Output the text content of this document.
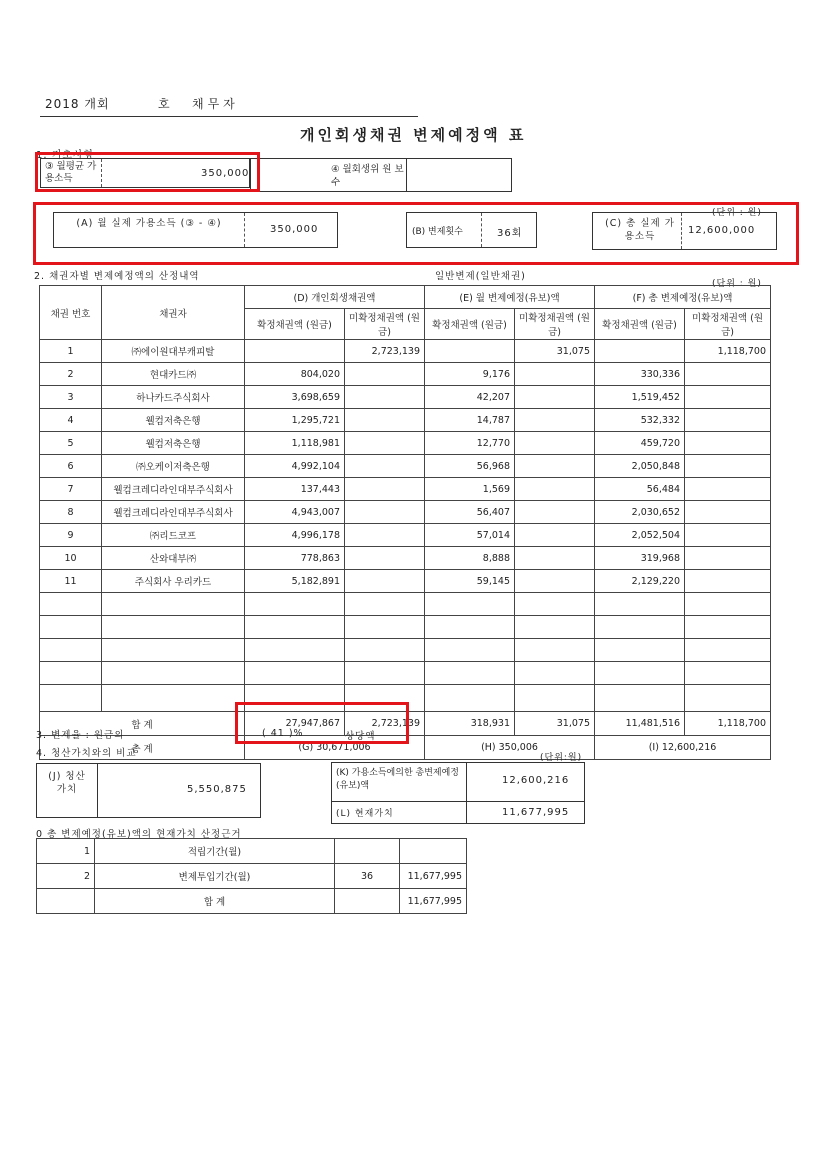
2018 개회	호 채무자
개인회생채권 변제예정액 표
1. 기초사항
③ 월평균 가용소득	350,000	④ 월회생위 원 보수
(단위 : 원)
(A) 월 실제 가용소득 (③ - ④)
350,000	(B) 변제횟수	36회
(C) 총 실제 가용소득
12,600,000
2. 채권자별 변제예정액의 산정내역	일반변제(일반채권)
(단위 : 원)
채권 번호	채권자	(D) 개인회생채권액		(E) 월 변제예정(유보)액		(F) 총 변제예정(유보)액	
		확정채권액 (원금)	미확정채권액 (원금)	확정채권액 (원금)	미확정채권액 (원금)	확정채권액 (원금)	미확정채권액 (원금)
1	㈜에이원대부캐피탈		2,723,139		31,075		1,118,700
2	현대카드㈜	804,020		9,176		330,336	
3	하나카드주식회사	3,698,659		42,207		1,519,452	
4	웰컴저축은행	1,295,721		14,787		532,332	
5	웰컴저축은행	1,118,981		12,770		459,720	
6	㈜오케이저축은행	4,992,104		56,968		2,050,848	
7	웰컴크레디라인대부주식회사	137,443		1,569		56,484	
8	웰컴크레디라인대부주식회사	4,943,007		56,407		2,030,652	
9	㈜리드코프	4,996,178		57,014		2,052,504	
10	산와대부㈜	778,863		8,888		319,968	
11	주식회사 우리카드	5,182,891		59,145		2,129,220	

합 계		27,947,867	2,723,139	318,931	31,075	11,481,516	1,118,700
총 계		(G) 30,671,006		(H) 350,006		(I) 12,600,216	
3. 변제율 : 원금의	( 41 )%	상당액
4. 청산가치와의 비교	(단위:원)
(J) 청산 가치	5,550,875
(K) 가용소득에의한 총변제예정(유보)액	12,600,216
(L) 현재가치	11,677,995
0 총 변제예정(유보)액의 현재가치 산정근거
1	적립기간(월)		
2	변제투입기간(월)	36	11,677,995
	합 계		11,677,995
